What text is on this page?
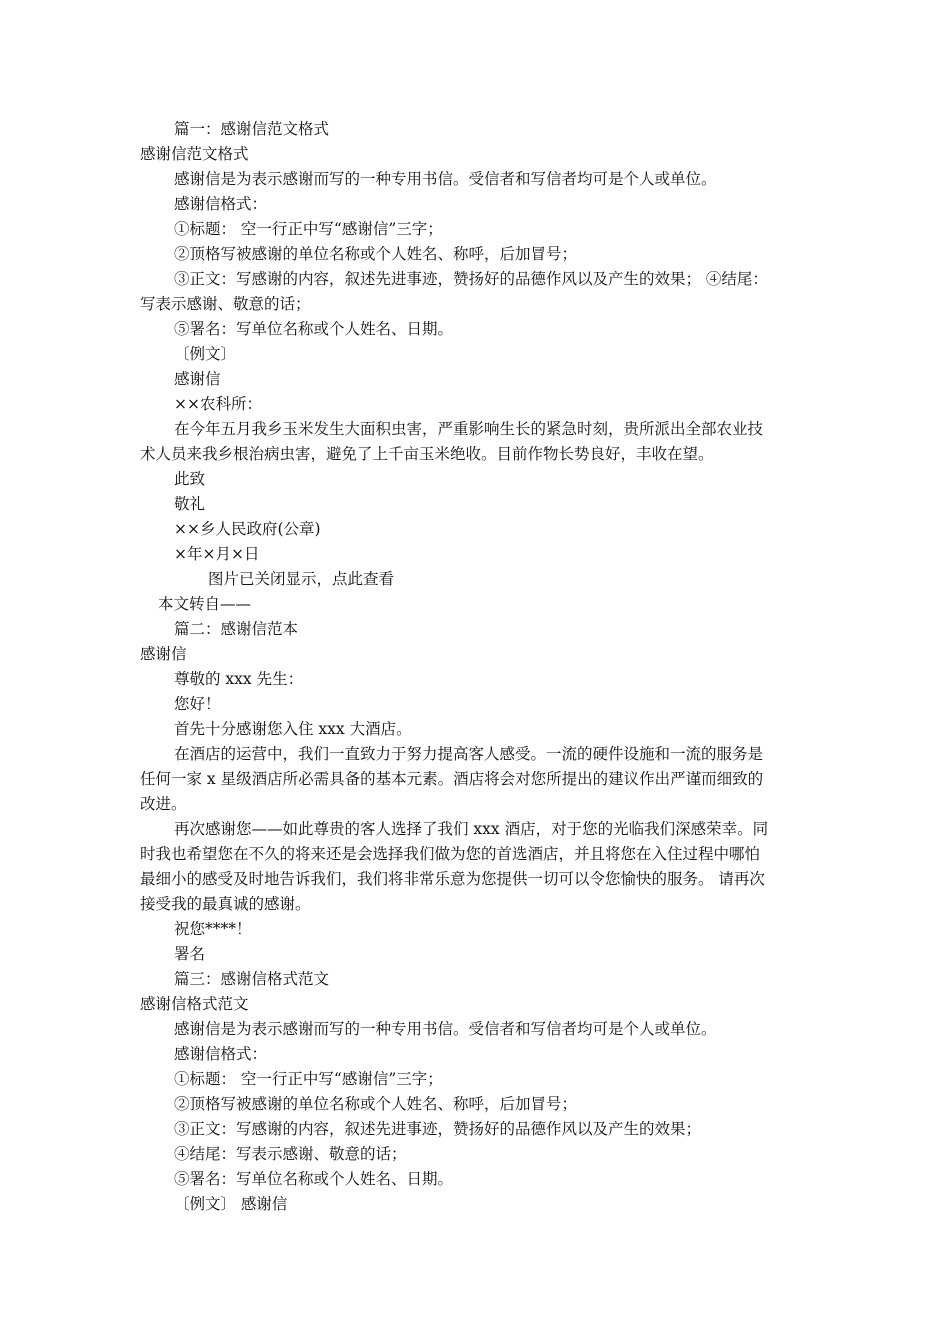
篇一：感谢信范文格式
感谢信范文格式
感谢信是为表示感谢而写的一种专用书信。受信者和写信者均可是个人或单位。
感谢信格式：
①标题： 空一行正中写“感谢信”三字；
②顶格写被感谢的单位名称或个人姓名、称呼，后加冒号；
③正文：写感谢的内容，叙述先进事迹，赞扬好的品德作风以及产生的效果； ④结尾：
写表示感谢、敬意的话；
⑤署名：写单位名称或个人姓名、日期。
〔例文〕
感谢信
××农科所：
在今年五月我乡玉米发生大面积虫害，严重影响生长的紧急时刻，贵所派出全部农业技
术人员来我乡根治病虫害，避免了上千亩玉米绝收。目前作物长势良好，丰收在望。
此致
敬礼
××乡人民政府(公章)
×年×月×日
图片已关闭显示，点此查看
本文转自——
篇二：感谢信范本
感谢信
尊敬的 xxx 先生：
您好！
首先十分感谢您入住 xxx 大酒店。
在酒店的运营中，我们一直致力于努力提高客人感受。一流的硬件设施和一流的服务是
任何一家 x 星级酒店所必需具备的基本元素。酒店将会对您所提出的建议作出严谨而细致的
改进。
再次感谢您——如此尊贵的客人选择了我们 xxx 酒店，对于您的光临我们深感荣幸。同
时我也希望您在不久的将来还是会选择我们做为您的首选酒店，并且将您在入住过程中哪怕
最细小的感受及时地告诉我们，我们将非常乐意为您提供一切可以令您愉快的服务。 请再次
接受我的最真诚的感谢。
祝您****！
署名
篇三：感谢信格式范文
感谢信格式范文
感谢信是为表示感谢而写的一种专用书信。受信者和写信者均可是个人或单位。
感谢信格式：
①标题： 空一行正中写“感谢信”三字；
②顶格写被感谢的单位名称或个人姓名、称呼，后加冒号；
③正文：写感谢的内容，叙述先进事迹，赞扬好的品德作风以及产生的效果；
④结尾：写表示感谢、敬意的话；
⑤署名：写单位名称或个人姓名、日期。
〔例文〕 感谢信
